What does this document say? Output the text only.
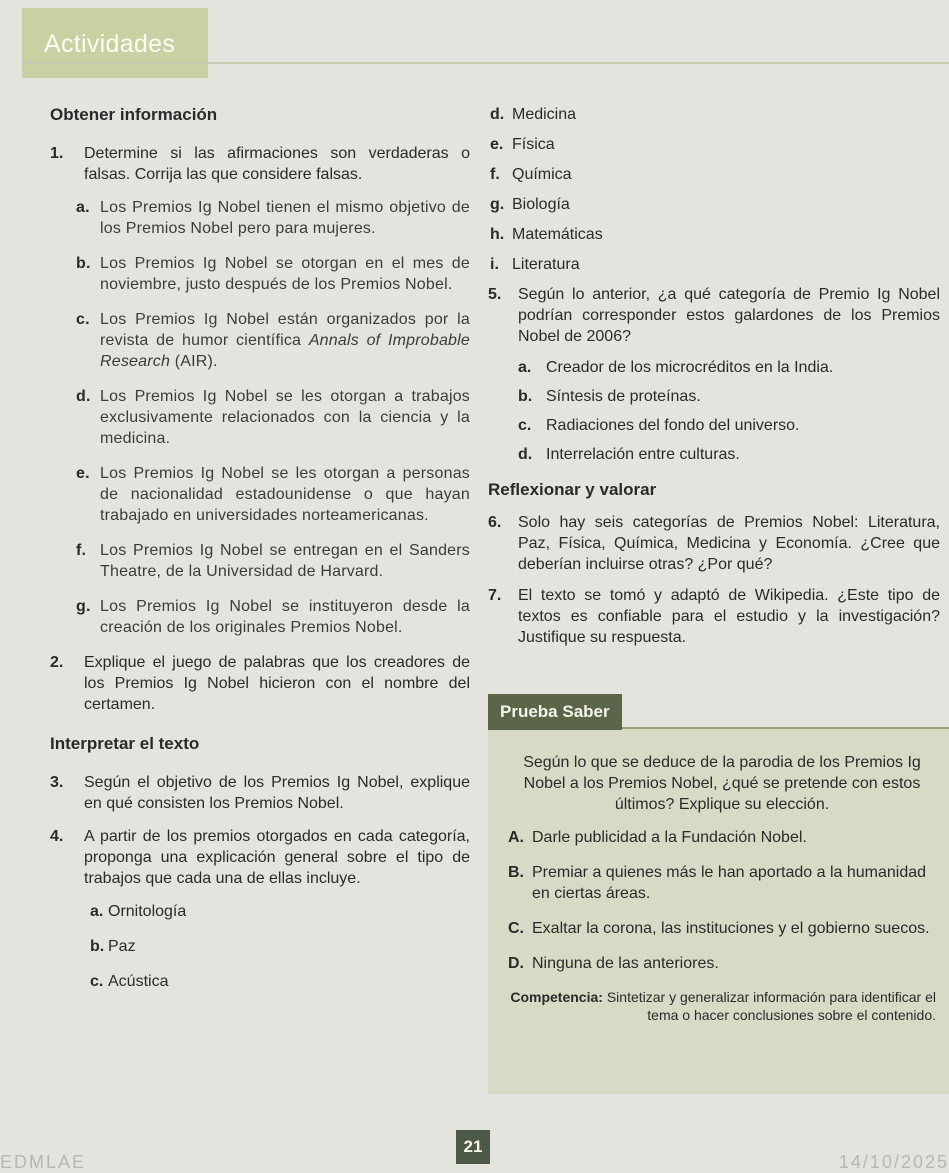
Actividades
Obtener información
1. Determine si las afirmaciones son verdaderas o falsas. Corrija las que considere falsas.
a. Los Premios Ig Nobel tienen el mismo objetivo de los Premios Nobel pero para mujeres.
b. Los Premios Ig Nobel se otorgan en el mes de noviembre, justo después de los Premios Nobel.
c. Los Premios Ig Nobel están organizados por la revista de humor científica Annals of Improbable Research (AIR).
d. Los Premios Ig Nobel se les otorgan a trabajos exclusivamente relacionados con la ciencia y la medicina.
e. Los Premios Ig Nobel se les otorgan a personas de nacionalidad estadounidense o que hayan trabajado en universidades norteamericanas.
f. Los Premios Ig Nobel se entregan en el Sanders Theatre, de la Universidad de Harvard.
g. Los Premios Ig Nobel se instituyeron desde la creación de los originales Premios Nobel.
2. Explique el juego de palabras que los creadores de los Premios Ig Nobel hicieron con el nombre del certamen.
Interpretar el texto
3. Según el objetivo de los Premios Ig Nobel, explique en qué consisten los Premios Nobel.
4. A partir de los premios otorgados en cada categoría, proponga una explicación general sobre el tipo de trabajos que cada una de ellas incluye.
a. Ornitología
b. Paz
c. Acústica
d. Medicina
e. Física
f. Química
g. Biología
h. Matemáticas
i. Literatura
5. Según lo anterior, ¿a qué categoría de Premio Ig Nobel podrían corresponder estos galardones de los Premios Nobel de 2006?
a. Creador de los microcréditos en la India.
b. Síntesis de proteínas.
c. Radiaciones del fondo del universo.
d. Interrelación entre culturas.
Reflexionar y valorar
6. Solo hay seis categorías de Premios Nobel: Literatura, Paz, Física, Química, Medicina y Economía. ¿Cree que deberían incluirse otras? ¿Por qué?
7. El texto se tomó y adaptó de Wikipedia. ¿Este tipo de textos es confiable para el estudio y la investigación? Justifique su respuesta.
Prueba Saber
Según lo que se deduce de la parodia de los Premios Ig Nobel a los Premios Nobel, ¿qué se pretende con estos últimos? Explique su elección.
A. Darle publicidad a la Fundación Nobel.
B. Premiar a quienes más le han aportado a la humanidad en ciertas áreas.
C. Exaltar la corona, las instituciones y el gobierno suecos.
D. Ninguna de las anteriores.
Competencia: Sintetizar y generalizar información para identificar el tema o hacer conclusiones sobre el contenido.
21
EDMLAE	14/10/2025
